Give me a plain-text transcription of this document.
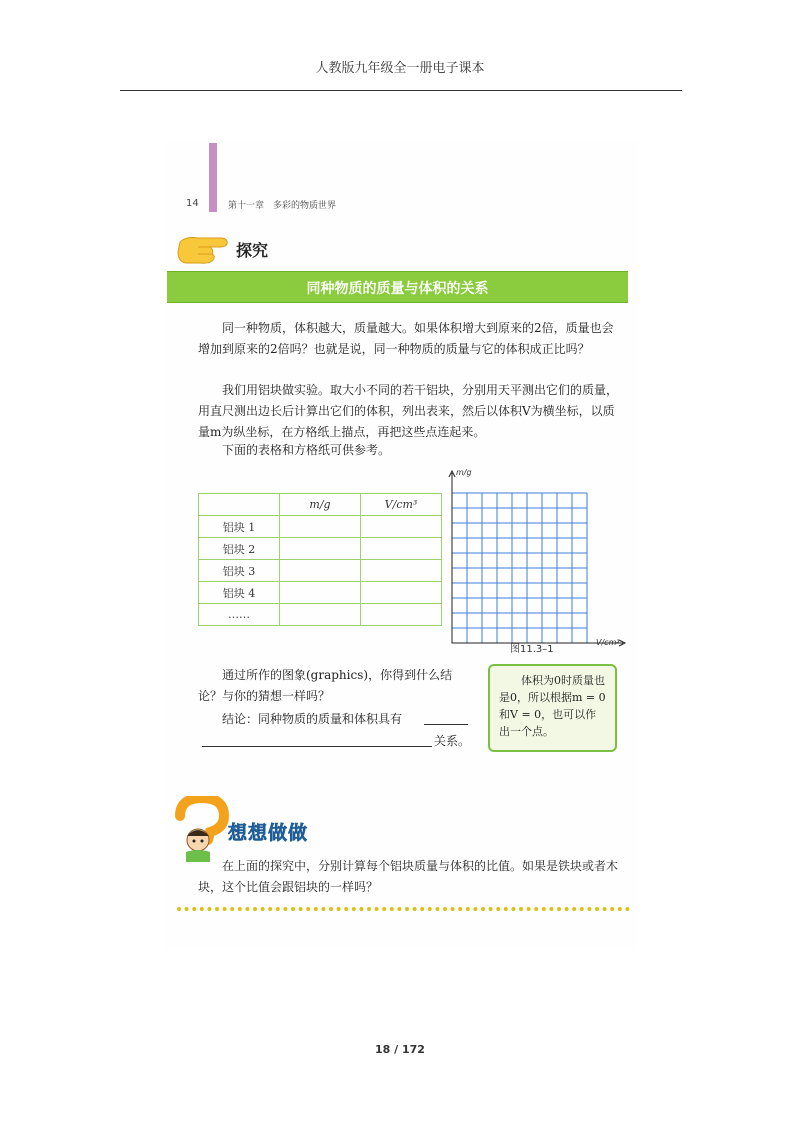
人教版九年级全一册电子课本
14	第十一章　多彩的物质世界
探究
同种物质的质量与体积的关系
同一种物质，体积越大，质量越大。如果体积增大到原来的2倍，质量也会增加到原来的2倍吗？也就是说，同一种物质的质量与它的体积成正比吗？
我们用铝块做实验。取大小不同的若干铝块，分别用天平测出它们的质量，用直尺测出边长后计算出它们的体积，列出表来，然后以体积V为横坐标，以质量m为纵坐标，在方格纸上描点，再把这些点连起来。
下面的表格和方格纸可供参考。
	m/g	V/cm³
铝块 1		
铝块 2		
铝块 3		
铝块 4		
……		
m/g
V/cm³
图11.3–1
通过所作的图象(graphics)，你得到什么结论？与你的猜想一样吗？
结论：同种物质的质量和体积具有
关系。
体积为0时质量也是0，所以根据m = 0和V = 0，也可以作出一个点。
想想做做
在上面的探究中，分别计算每个铝块质量与体积的比值。如果是铁块或者木块，这个比值会跟铝块的一样吗？
18 / 172
